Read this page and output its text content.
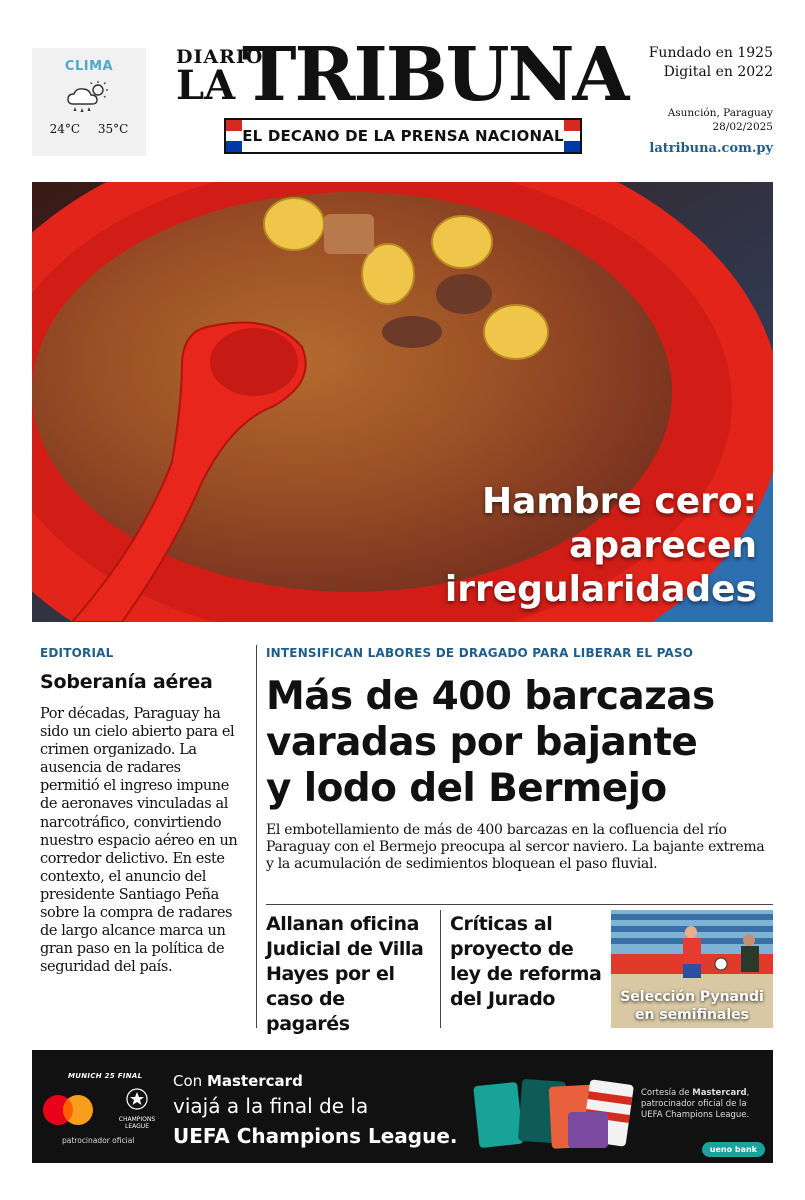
CLIMA
24°C 35°C
DIARIO
LA TRIBUNA
EL DECANO DE LA PRENSA NACIONAL
Fundado en 1925
Digital en 2022
Asunción, Paraguay
28/02/2025
latribuna.com.py
Hambre cero:
aparecen
irregularidades
EDITORIAL
Soberanía aérea

Por décadas, Paraguay ha sido un cielo abierto para el crimen organizado. La ausencia de radares permitió el ingreso impune de aeronaves vinculadas al narcotráfico, convirtiendo nuestro espacio aéreo en un corredor delictivo. En este contexto, el anuncio del presidente Santiago Peña sobre la compra de radares de largo alcance marca un gran paso en la política de seguridad del país.

INTENSIFICAN LABORES DE DRAGADO PARA LIBERAR EL PASO
Más de 400 barcazas
varadas por bajante
y lodo del Bermejo

El embotellamiento de más de 400 barcazas en la cofluencia del río Paraguay con el Bermejo preocupa al sercor naviero. La bajante extrema y la acumulación de sedimientos bloquean el paso fluvial.

Allanan oficina Judicial de Villa Hayes por el caso de pagarés
Críticas al proyecto de ley de reforma del Jurado	Selección Pynandi
en semifinales
MUNICH 25 FINAL
CHAMPIONS
LEAGUE
patrocinador oficial
Con Mastercard
viajá a la final de la
UEFA Champions League.
Cortesía de Mastercard, patrocinador oficial de la UEFA Champions League.
ueno bank
